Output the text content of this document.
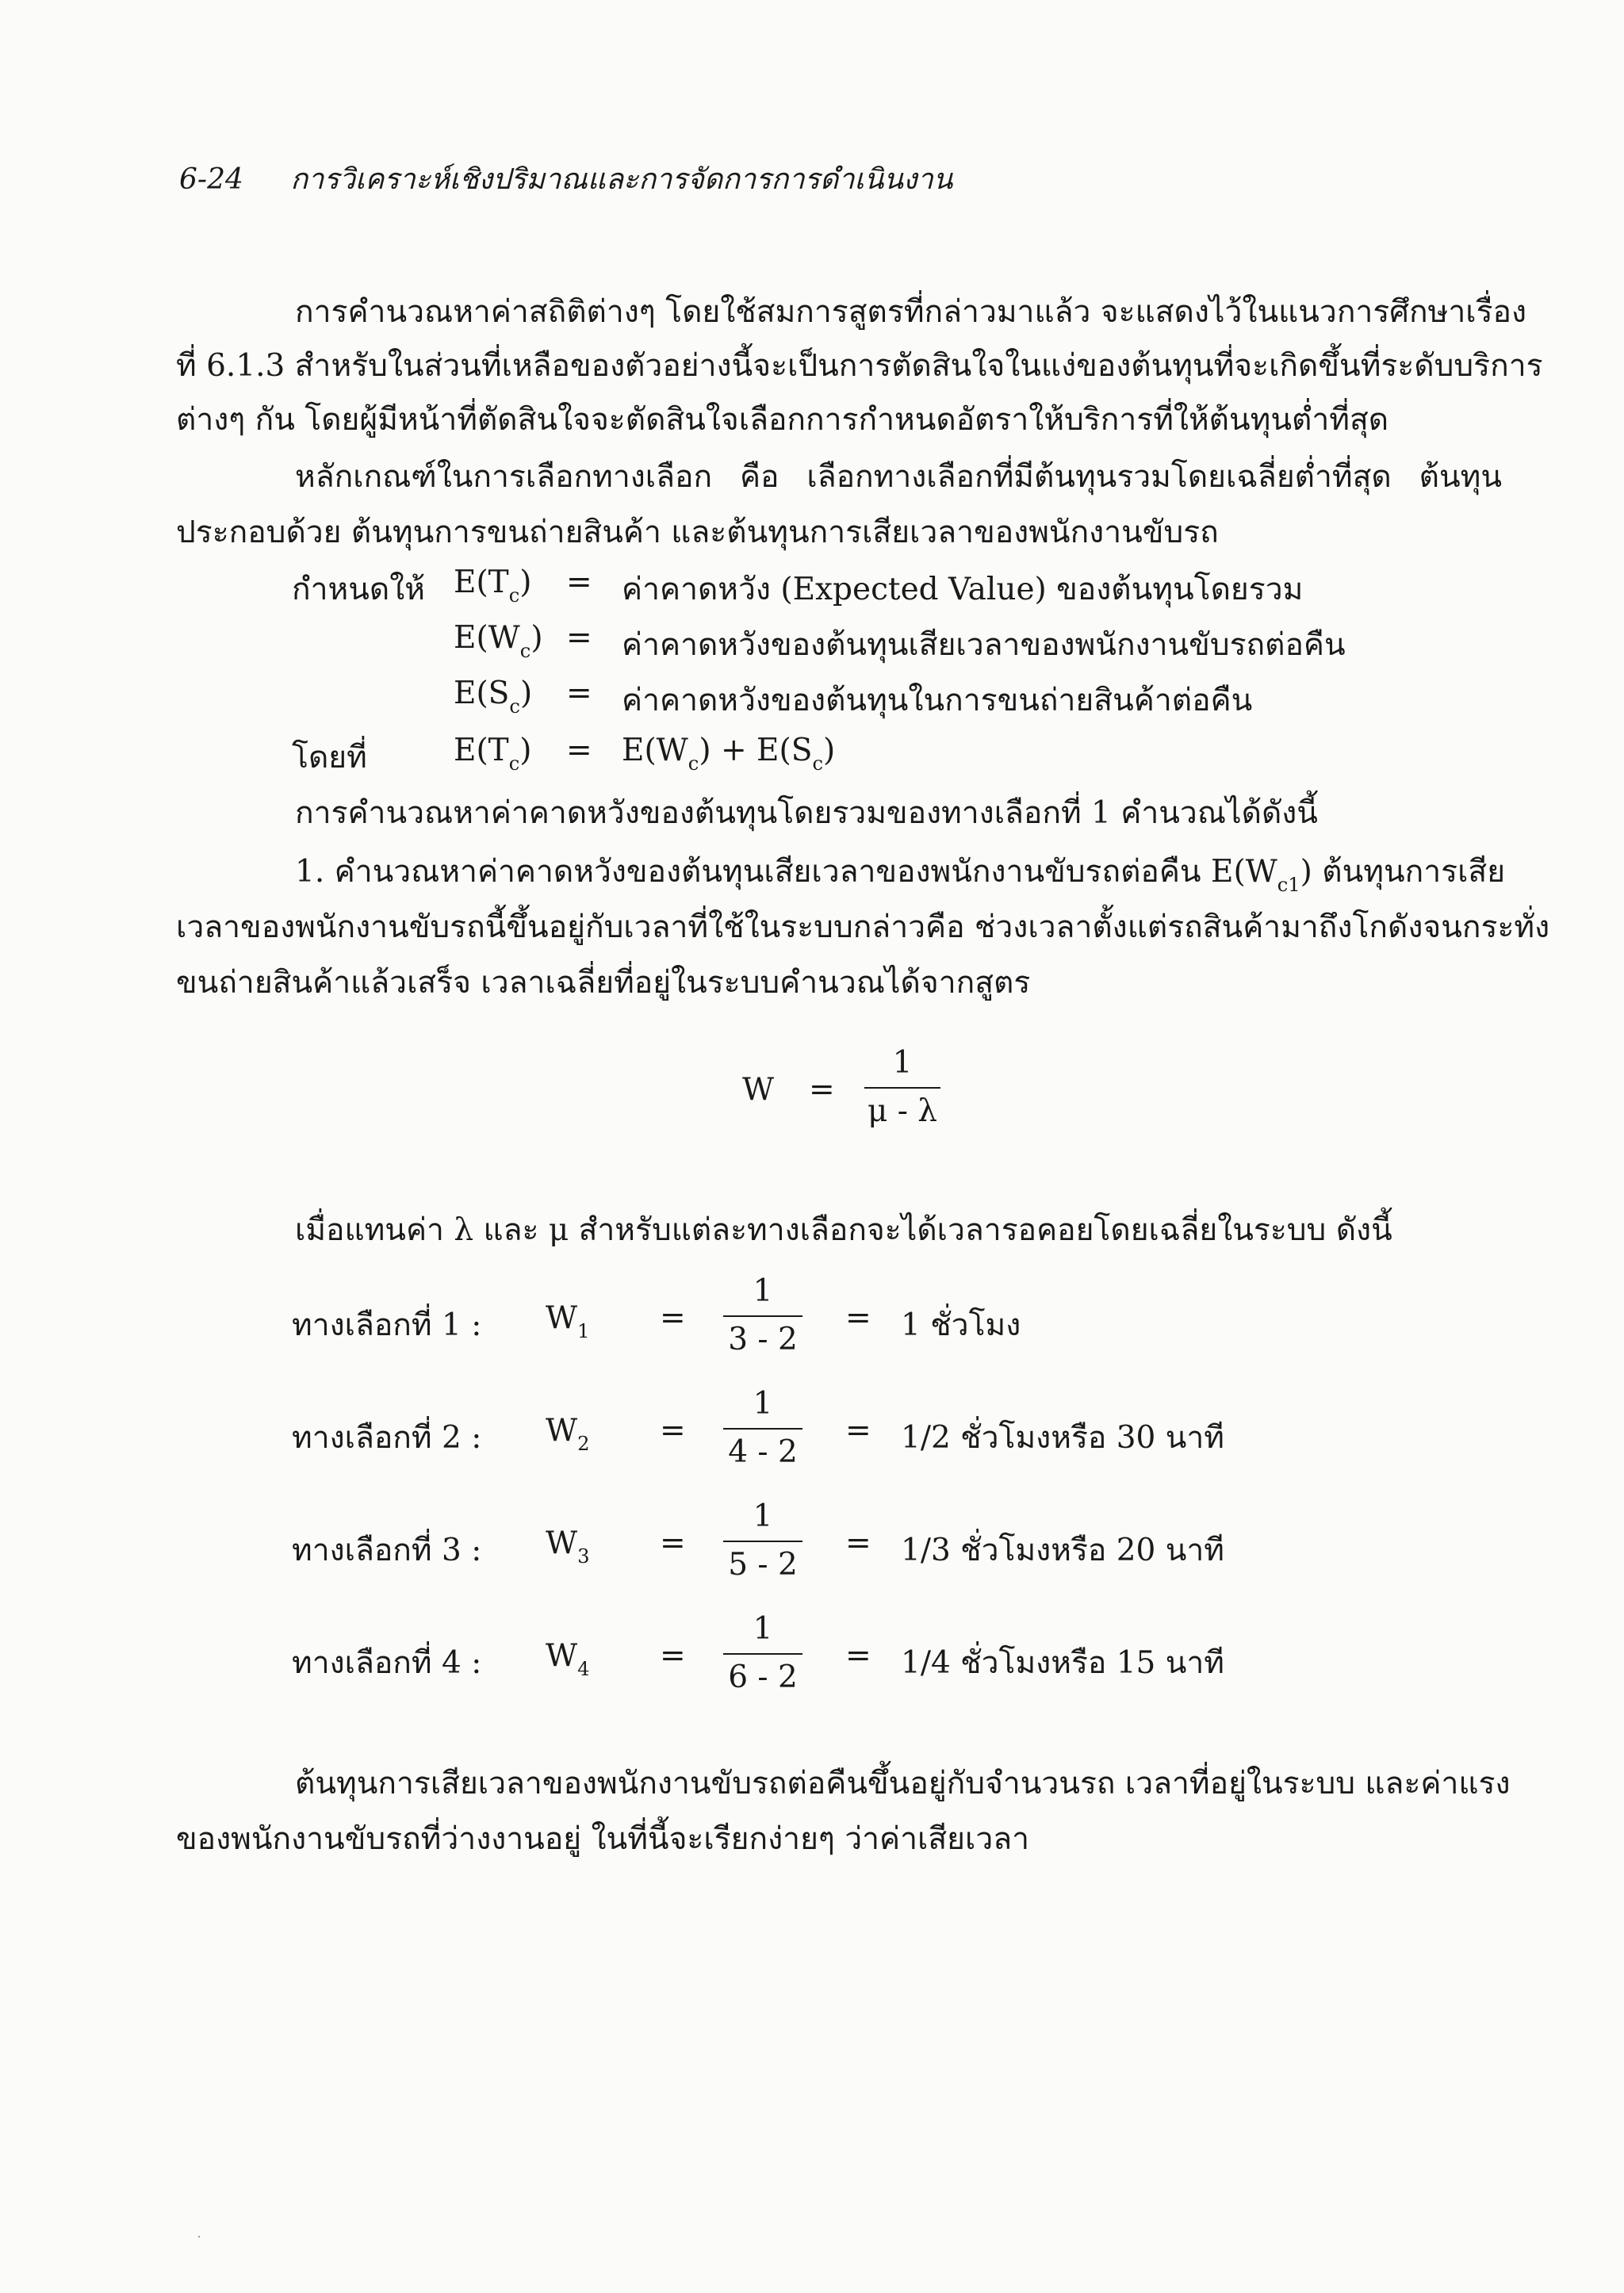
6-24 การวิเคราะห์เชิงปริมาณและการจัดการการดำเนินงาน
การคำนวณหาค่าสถิติต่างๆ โดยใช้สมการสูตรที่กล่าวมาแล้ว จะแสดงไว้ในแนวการศึกษาเรื่อง
ที่ 6.1.3 สำหรับในส่วนที่เหลือของตัวอย่างนี้จะเป็นการตัดสินใจในแง่ของต้นทุนที่จะเกิดขึ้นที่ระดับบริการ
ต่างๆ กัน โดยผู้มีหน้าที่ตัดสินใจจะตัดสินใจเลือกการกำหนดอัตราให้บริการที่ให้ต้นทุนต่ำที่สุด
หลักเกณฑ์ในการเลือกทางเลือก คือ เลือกทางเลือกที่มีต้นทุนรวมโดยเฉลี่ยต่ำที่สุด ต้นทุน
ประกอบด้วย ต้นทุนการขนถ่ายสินค้า และต้นทุนการเสียเวลาของพนักงานขับรถ
กำหนดให้ $E(T_c)$ = ค่าคาดหวัง (Expected Value) ของต้นทุนโดยรวม
$E(W_c)$ = ค่าคาดหวังของต้นทุนเสียเวลาของพนักงานขับรถต่อคืน
$E(S_c)$ = ค่าคาดหวังของต้นทุนในการขนถ่ายสินค้าต่อคืน
โดยที่	$E(T_c) = E(W_c) + E(S_c)$
การคำนวณหาค่าคาดหวังของต้นทุนโดยรวมของทางเลือกที่ 1 คำนวณได้ดังนี้
1. คำนวณหาค่าคาดหวังของต้นทุนเสียเวลาของพนักงานขับรถต่อคืน $E(W_{c1})$ ต้นทุนการเสีย
เวลาของพนักงานขับรถนี้ขึ้นอยู่กับเวลาที่ใช้ในระบบกล่าวคือ ช่วงเวลาตั้งแต่รถสินค้ามาถึงโกดังจนกระทั่ง
ขนถ่ายสินค้าแล้วเสร็จ เวลาเฉลี่ยที่อยู่ในระบบคำนวณได้จากสูตร
W =
1
μ - λ
เมื่อแทนค่า λ และ μ สำหรับแต่ละทางเลือกจะได้เวลารอคอยโดยเฉลี่ยในระบบ ดังนี้
ทางเลือกที่ 1 : $W_1$ =
1
3 - 2
= 1 ชั่วโมง
ทางเลือกที่ 2 : $W_2$ =
1
4 - 2
= 1/2 ชั่วโมงหรือ 30 นาที
ทางเลือกที่ 3 : $W_3$ =
1
5 - 2
= 1/3 ชั่วโมงหรือ 20 นาที
ทางเลือกที่ 4 : $W_4$ =
1
6 - 2
= 1/4 ชั่วโมงหรือ 15 นาที
ต้นทุนการเสียเวลาของพนักงานขับรถต่อคืนขึ้นอยู่กับจำนวนรถ เวลาที่อยู่ในระบบ และค่าแรง
ของพนักงานขับรถที่ว่างงานอยู่ ในที่นี้จะเรียกง่ายๆ ว่าค่าเสียเวลา
